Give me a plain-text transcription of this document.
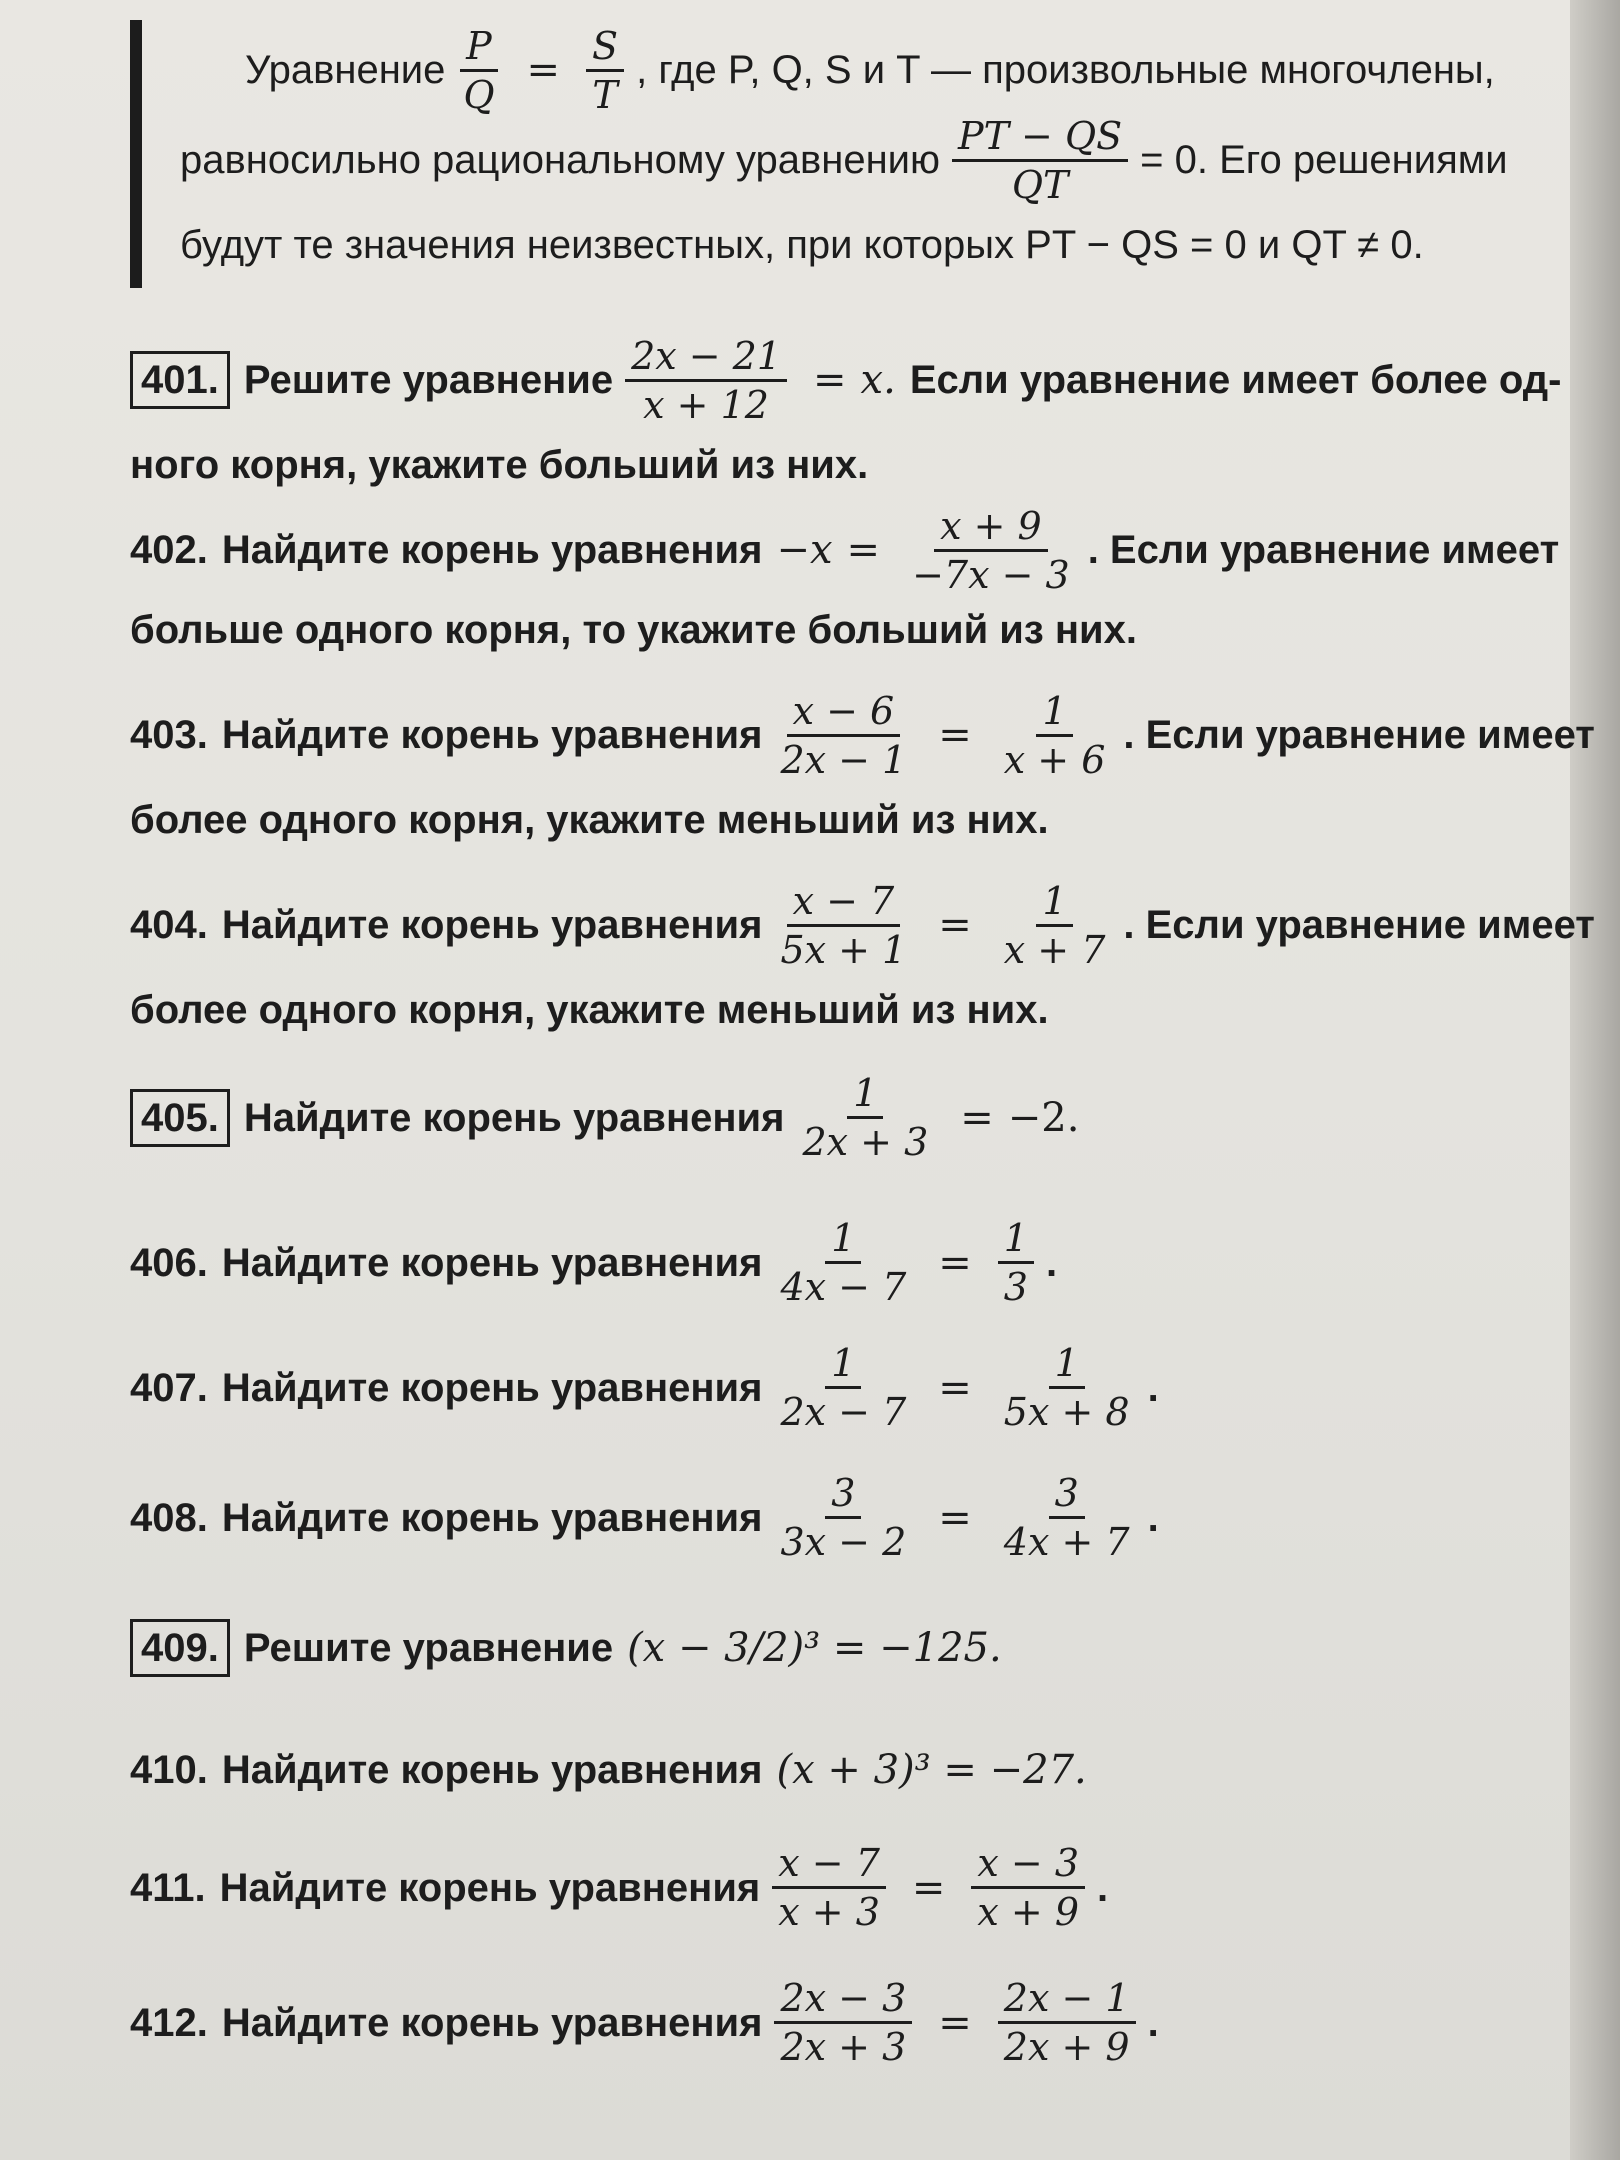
Уравнение $\frac{P}{Q} = \frac{S}{T}$ , где P, Q, S и T — произвольные многочлены,
равносильно рациональному уравнению $\frac{PT - QS}{QT} = 0$. Его решениями
будут те значения неизвестных, при которых PT − QS = 0 и QT ≠ 0.
401. Решите уравнение $\frac{2x - 21}{x + 12} = x$. Если уравнение имеет более од-
ного корня, укажите больший из них.
402. Найдите корень уравнения $-x = \frac{x + 9}{-7x - 3}$ . Если уравнение имеет
больше одного корня, то укажите больший из них.
403. Найдите корень уравнения $\frac{x - 6}{2x - 1} = \frac{1}{x + 6}$ . Если уравнение имеет
более одного корня, укажите меньший из них.
404. Найдите корень уравнения $\frac{x - 7}{5x + 1} = \frac{1}{x + 7}$ . Если уравнение имеет
более одного корня, укажите меньший из них.
405. Найдите корень уравнения $\frac{1}{2x + 3} = -2$.
406. Найдите корень уравнения $\frac{1}{4x - 7} = \frac{1}{3}$ .
407. Найдите корень уравнения $\frac{1}{2x - 7} = \frac{1}{5x + 8}$ .
408. Найдите корень уравнения $\frac{3}{3x - 2} = \frac{3}{4x + 7}$ .
409. Решите уравнение (x − 3/2)³ = −125.
410. Найдите корень уравнения (x + 3)³ = −27.
411. Найдите корень уравнения $\frac{x - 7}{x + 3} = \frac{x - 3}{x + 9}$ .
412. Найдите корень уравнения $\frac{2x - 3}{2x + 3} = \frac{2x - 1}{2x + 9}$ .
